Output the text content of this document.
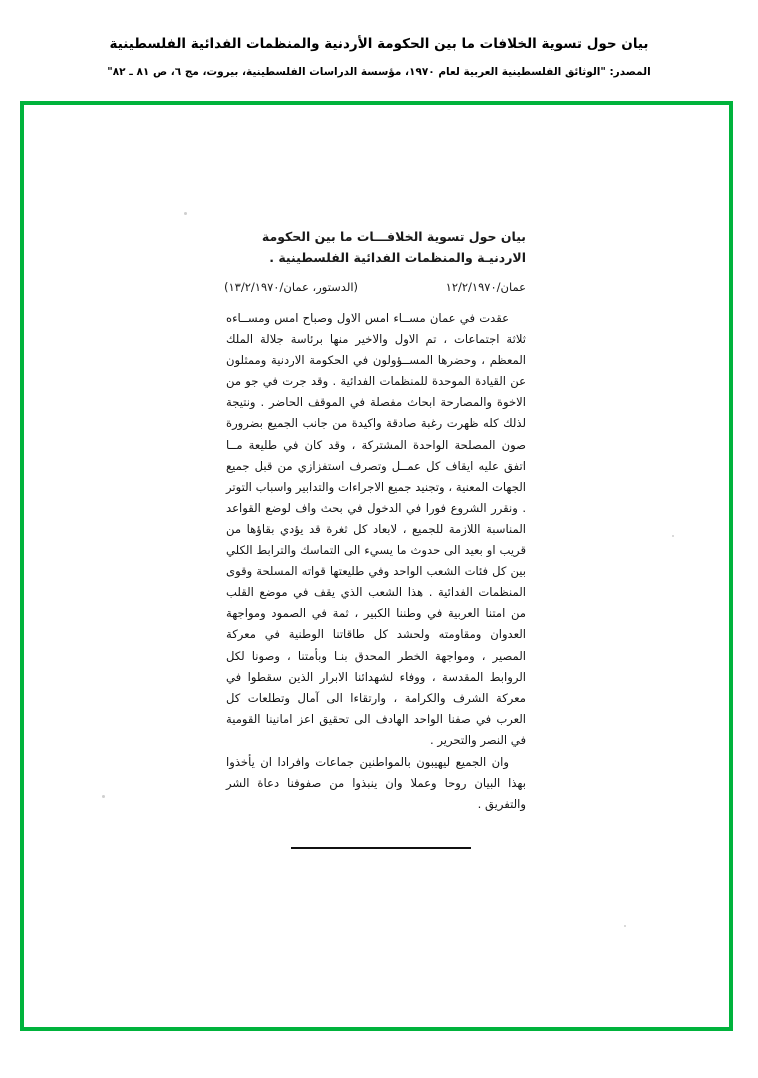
بيان حول تسوية الخلافات ما بين الحكومة الأردنية والمنظمات الفدائية الفلسطينية
المصدر: "الوثائق الفلسطينية العربية لعام ١٩٧٠، مؤسسة الدراسات الفلسطينية، بيروت، مج ٦، ص ٨١ ـ ٨٢"
بيان حول تسوية الخلافـــات ما بين الحكومة الاردنيـة والمنظمات الفدائية الفلسطينية .
عمان/١٢/٢/١٩٧٠
(الدستور، عمان/١٣/٢/١٩٧٠)

عقدت في عمان مســاء امس الاول وصباح امس ومســاءه ثلاثة اجتماعات ، تم الاول والاخير منها برئاسة جلالة الملك المعظم ، وحضرها المســؤولون في الحكومة الاردنية وممثلون عن القيادة الموحدة للمنظمات الفدائية . وقد جرت في جو من الاخوة والمصارحة ابحاث مفصلة في الموقف الحاضر . ونتيجة لذلك كله ظهرت رغبة صادقة واكيدة من جانب الجميع بضرورة صون المصلحة الواحدة المشتركة ، وقد كان في طليعة مــا اتفق عليه ايقاف كل عمــل وتصرف استفزازي من قبل جميع الجهات المعنية ، وتجنيد جميع الاجراءات والتدابير واسباب التوتر . ونقرر الشروع فورا في الدخول في بحث واف لوضع القواعد المناسبة اللازمة للجميع ، لابعاد كل ثغرة قد يؤدي بقاؤها من قريب او بعيد الى حدوث ما يسيء الى التماسك والترابط الكلي بين كل فئات الشعب الواحد وفي طليعتها قواته المسلحة وقوى المنظمات الفدائية . هذا الشعب الذي يقف في موضع القلب من امتنا العربية في وطننا الكبير ، ثمة في الصمود ومواجهة العدوان ومقاومته ولحشد كل طاقاتنا الوطنية في معركة المصير ، ومواجهة الخطر المحدق بنـا وبأمتنا ، وصونا لكل الروابط المقدسة ، ووفاء لشهدائنا الابرار الذين سقطوا في معركة الشرف والكرامة ، وارتقاءا الى آمال وتطلعات كل العرب في صفنا الواحد الهادف الى تحقيق اعز امانينا القومية في النصر والتحرير .

وان الجميع ليهيبون بالمواطنين جماعات وافرادا ان يأخذوا بهذا البيان روحا وعملا وان ينبذوا من صفوفنا دعاة الشر والتفريق .
